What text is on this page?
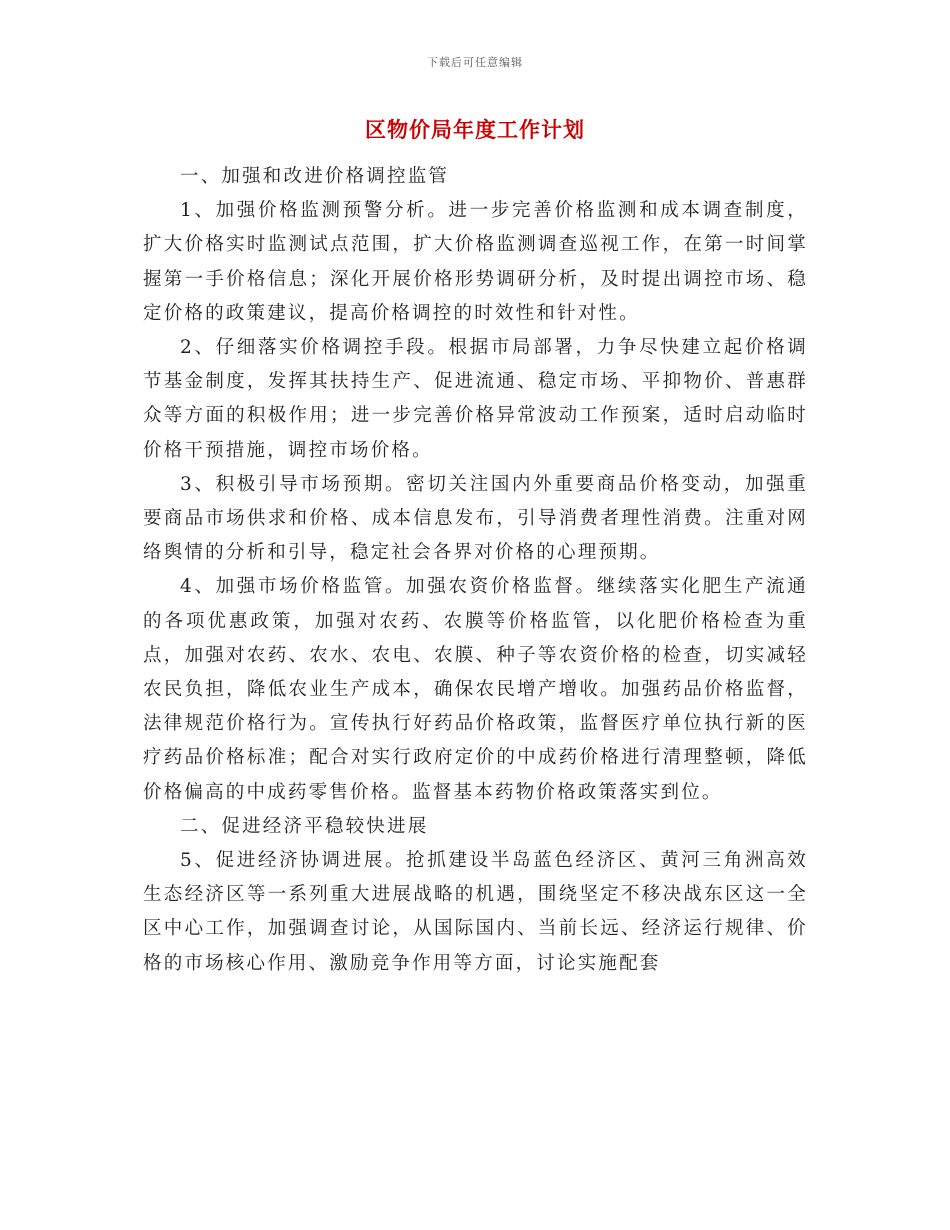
下载后可任意编辑
区物价局年度工作计划

一、加强和改进价格调控监管

1、加强价格监测预警分析。进一步完善价格监测和成本调查制度，扩大价格实时监测试点范围，扩大价格监测调查巡视工作，在第一时间掌握第一手价格信息；深化开展价格形势调研分析，及时提出调控市场、稳定价格的政策建议，提高价格调控的时效性和针对性。

2、仔细落实价格调控手段。根据市局部署，力争尽快建立起价格调节基金制度，发挥其扶持生产、促进流通、稳定市场、平抑物价、普惠群众等方面的积极作用；进一步完善价格异常波动工作预案，适时启动临时价格干预措施，调控市场价格。

3、积极引导市场预期。密切关注国内外重要商品价格变动，加强重要商品市场供求和价格、成本信息发布，引导消费者理性消费。注重对网络舆情的分析和引导，稳定社会各界对价格的心理预期。

4、加强市场价格监管。加强农资价格监督。继续落实化肥生产流通的各项优惠政策，加强对农药、农膜等价格监管，以化肥价格检查为重点，加强对农药、农水、农电、农膜、种子等农资价格的检查，切实减轻农民负担，降低农业生产成本，确保农民增产增收。加强药品价格监督，法律规范价格行为。宣传执行好药品价格政策，监督医疗单位执行新的医疗药品价格标准；配合对实行政府定价的中成药价格进行清理整顿，降低价格偏高的中成药零售价格。监督基本药物价格政策落实到位。

二、促进经济平稳较快进展

5、促进经济协调进展。抢抓建设半岛蓝色经济区、黄河三角洲高效生态经济区等一系列重大进展战略的机遇，围绕坚定不移决战东区这一全区中心工作，加强调查讨论，从国际国内、当前长远、经济运行规律、价格的市场核心作用、激励竞争作用等方面，讨论实施配套
